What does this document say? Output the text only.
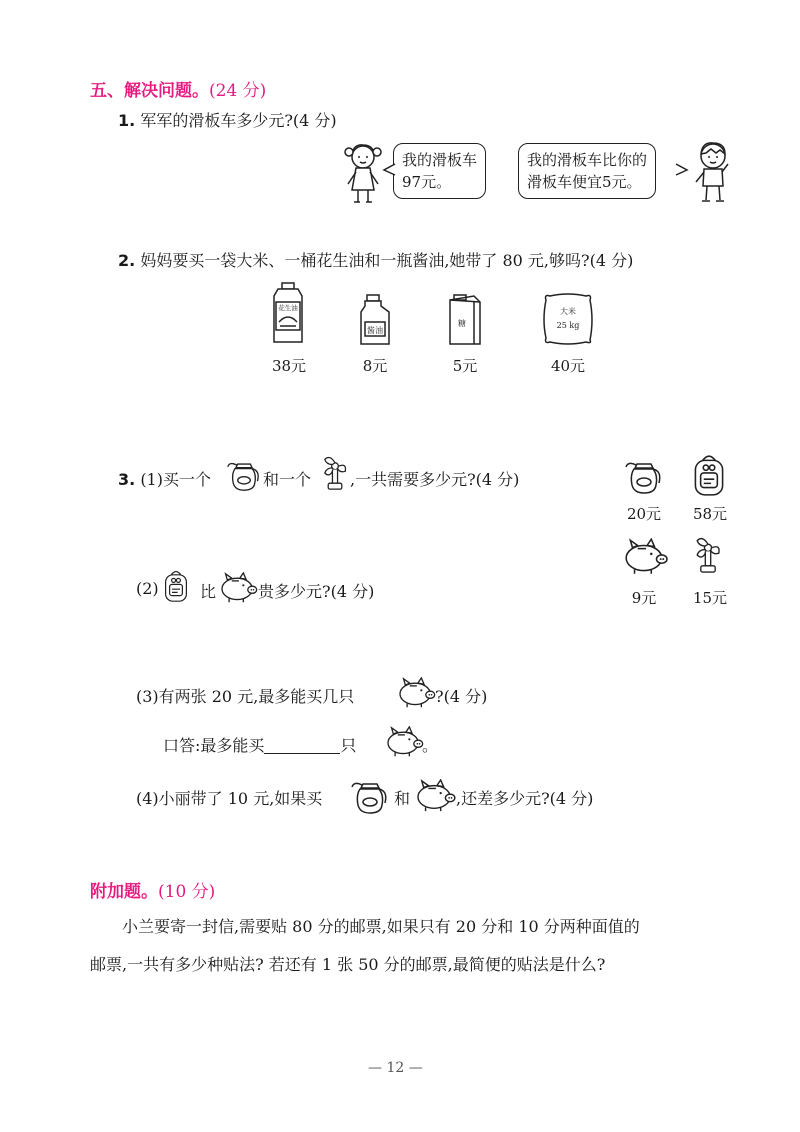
五、解决问题。(24 分)
1. 军军的滑板车多少元?(4 分)
我的滑板车
97元。
我的滑板车比你的
滑板车便宜5元。
2. 妈妈要买一袋大米、一桶花生油和一瓶酱油,她带了 80 元,够吗?(4 分)
花生油
38元
酱油
8元
糖
5元
大米
25 kg
40元
3. (1)买一个	和一个 ,一共需要多少元?(4 分)
20元	58元
9元	15元
(2)	比	贵多少元?(4 分)
(3)有两张 20 元,最多能买几只	?(4 分)
口答:最多能买	只	。
(4)小丽带了 10 元,如果买	和	,还差多少元?(4 分)
附加题。(10 分)
小兰要寄一封信,需要贴 80 分的邮票,如果只有 20 分和 10 分两种面值的
邮票,一共有多少种贴法? 若还有 1 张 50 分的邮票,最简便的贴法是什么?
— 12 —
